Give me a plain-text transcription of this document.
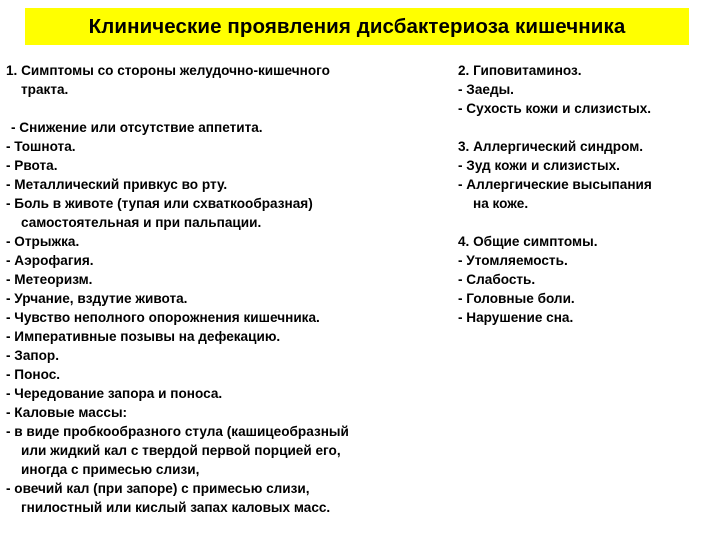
Клинические проявления дисбактериоза кишечника
1. Симптомы со стороны желудочно-кишечного
тракта.
- Снижение или отсутствие аппетита.
- Тошнота.
- Рвота.
- Металлический привкус во рту.
- Боль в животе (тупая или схваткообразная)
самостоятельная и при пальпации.
- Отрыжка.
- Аэрофагия.
- Метеоризм.
- Урчание, вздутие живота.
- Чувство неполного опорожнения кишечника.
- Императивные позывы на дефекацию.
- Запор.
- Понос.
- Чередование запора и поноса.
- Каловые массы:
- в виде пробкообразного стула (кашицеобразный
или жидкий кал с твердой первой порцией его,
иногда с примесью слизи,
- овечий кал (при запоре) с примесью слизи,
гнилостный или кислый запах каловых масс.
2. Гиповитаминоз.
- Заеды.
- Сухость кожи и слизистых.
3. Аллергический синдром.
- Зуд кожи и слизистых.
- Аллергические высыпания
на коже.
4. Общие симптомы.
- Утомляемость.
- Слабость.
- Головные боли.
- Нарушение сна.
